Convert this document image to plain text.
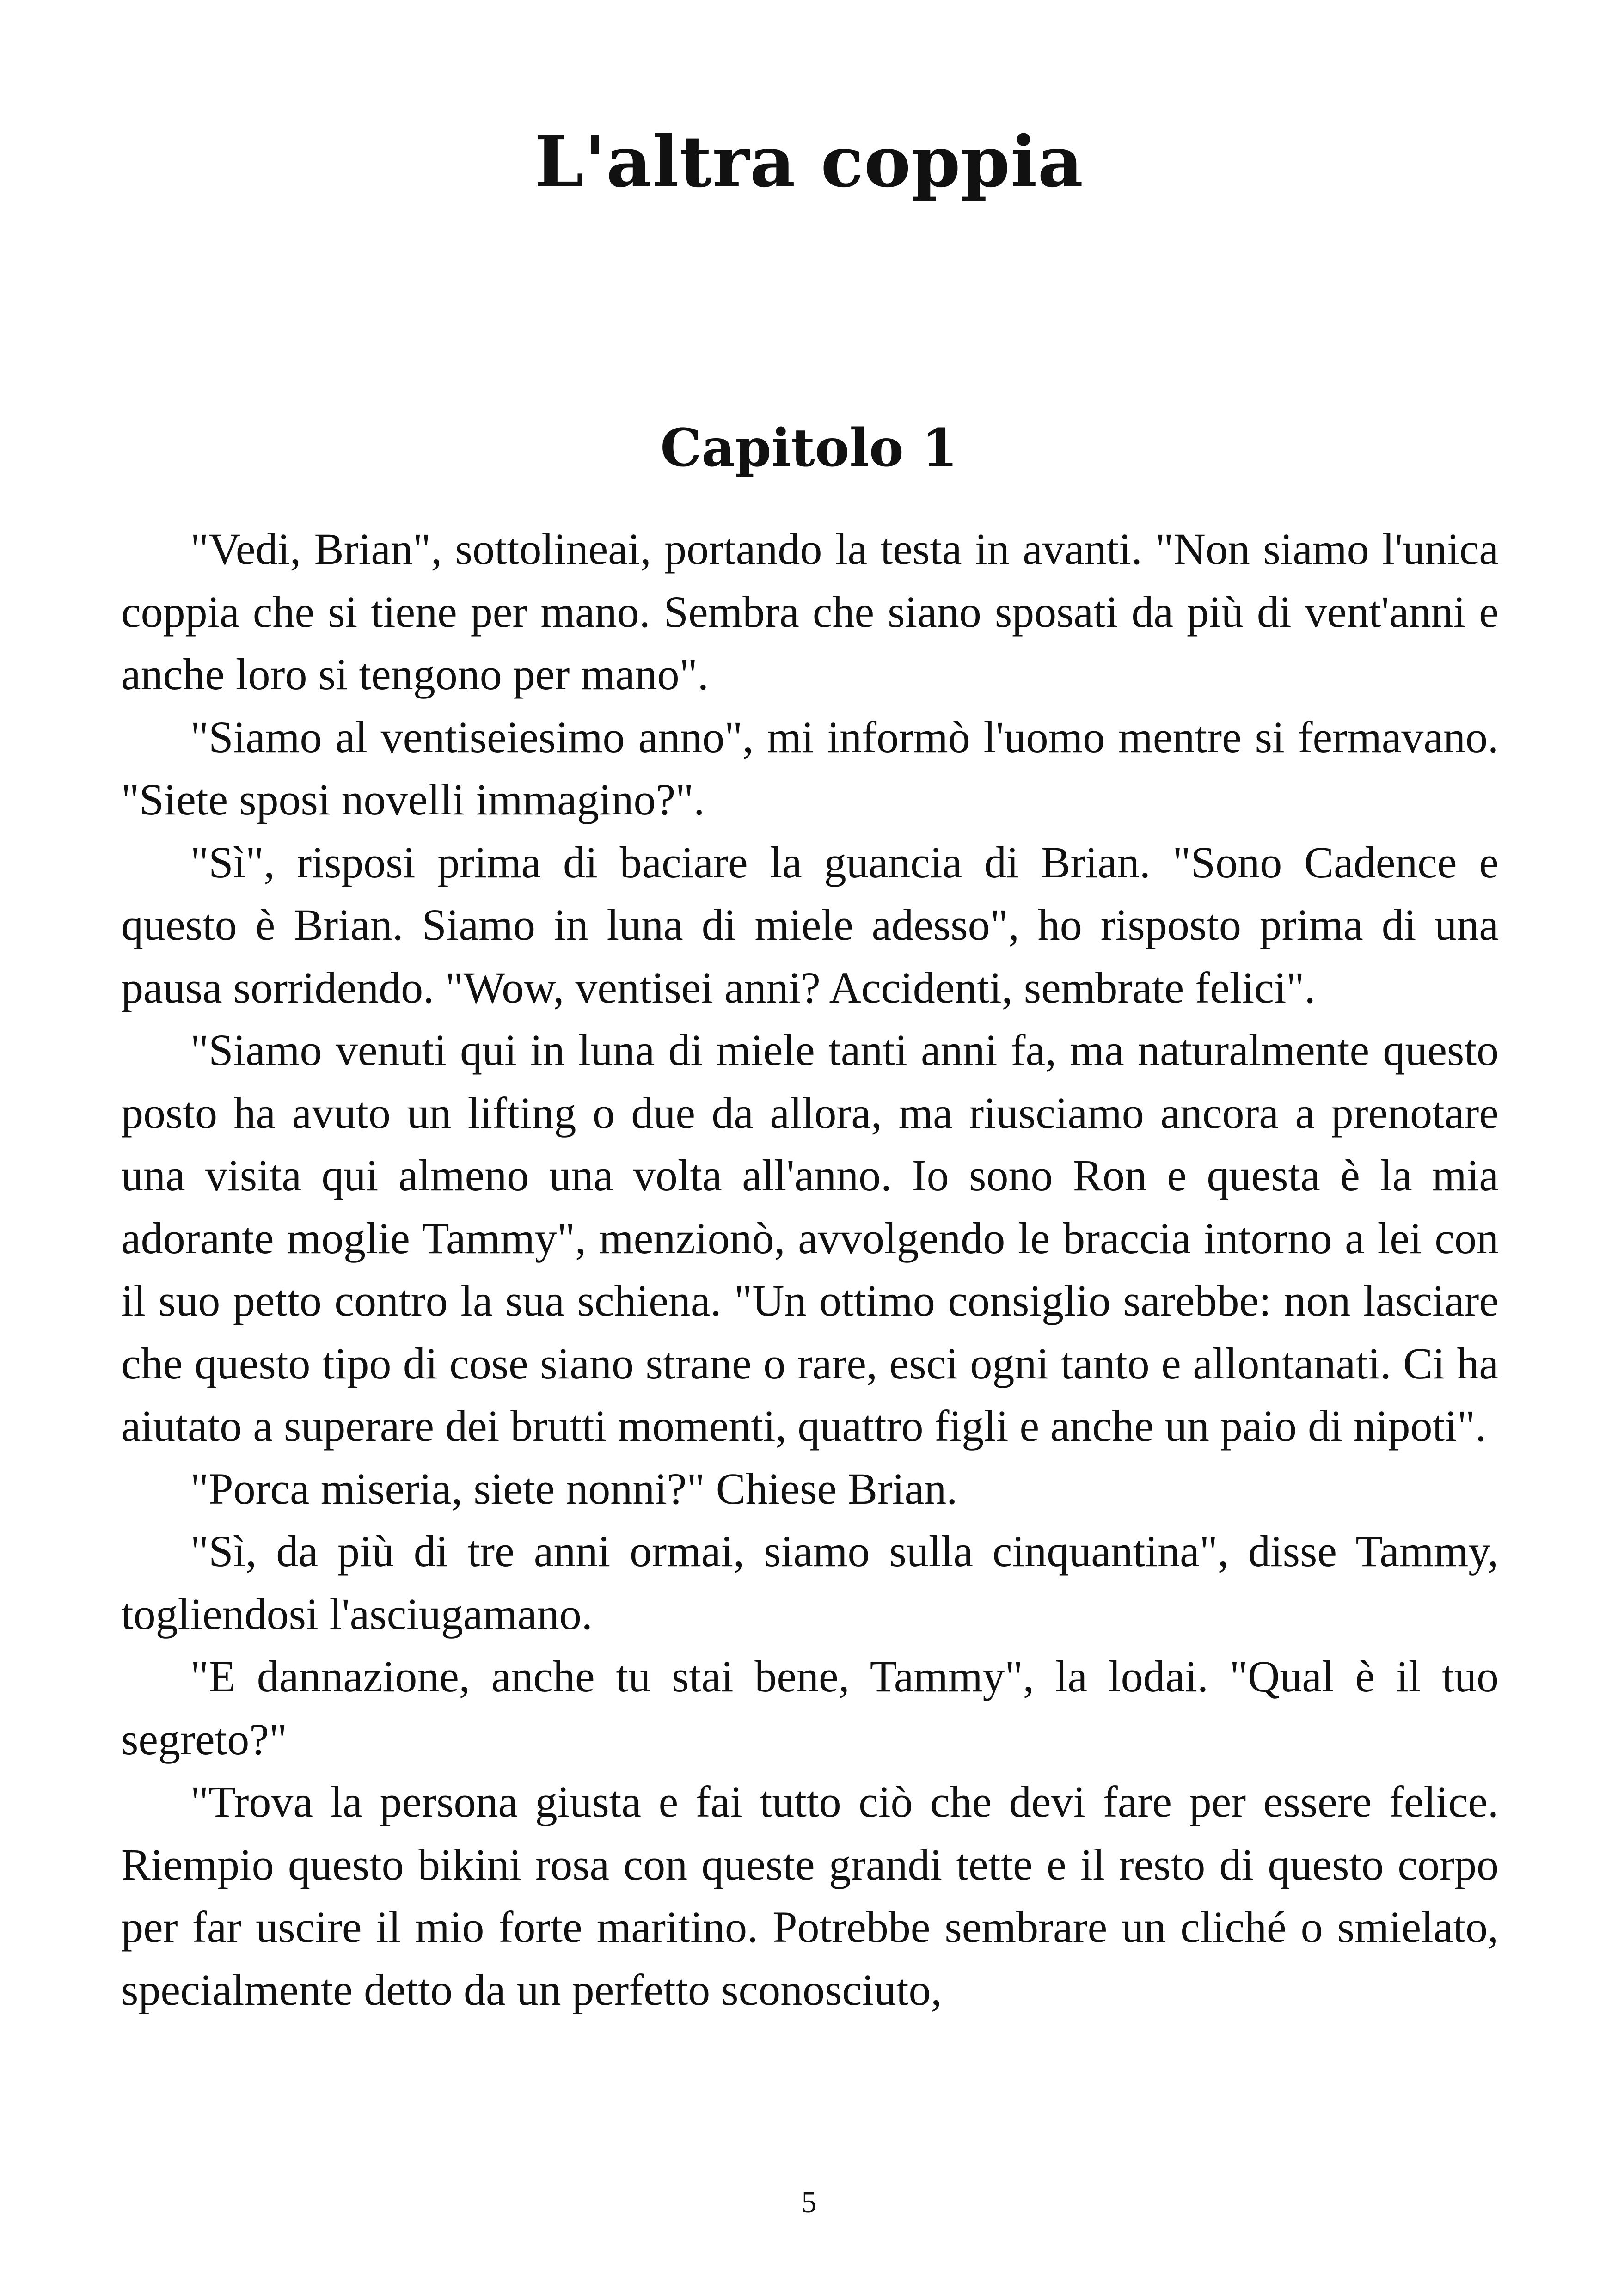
L'altra coppia
Capitolo 1

"Vedi, Brian", sottolineai, portando la testa in avanti. "Non siamo l'unica coppia che si tiene per mano. Sembra che siano sposati da più di vent'anni e anche loro si tengono per mano".

"Siamo al ventiseiesimo anno", mi informò l'uomo mentre si fermavano. "Siete sposi novelli immagino?".

"Sì", risposi prima di baciare la guancia di Brian. "Sono Cadence e questo è Brian. Siamo in luna di miele adesso", ho risposto prima di una pausa sorridendo. "Wow, ventisei anni? Accidenti, sembrate felici".

"Siamo venuti qui in luna di miele tanti anni fa, ma naturalmente questo posto ha avuto un lifting o due da allora, ma riusciamo ancora a prenotare una visita qui almeno una volta all'anno. Io sono Ron e questa è la mia adorante moglie Tammy", menzionò, avvolgendo le braccia intorno a lei con il suo petto contro la sua schiena. "Un ottimo consiglio sarebbe: non lasciare che questo tipo di cose siano strane o rare, esci ogni tanto e allontanati. Ci ha aiutato a superare dei brutti momenti, quattro figli e anche un paio di nipoti".

"Porca miseria, siete nonni?" Chiese Brian.

"Sì, da più di tre anni ormai, siamo sulla cinquantina", disse Tammy, togliendosi l'asciugamano.

"E dannazione, anche tu stai bene, Tammy", la lodai. "Qual è il tuo segreto?"

"Trova la persona giusta e fai tutto ciò che devi fare per essere felice. Riempio questo bikini rosa con queste grandi tette e il resto di questo corpo per far uscire il mio forte maritino. Potrebbe sembrare un cliché o smielato, specialmente detto da un perfetto sconosciuto,

5
